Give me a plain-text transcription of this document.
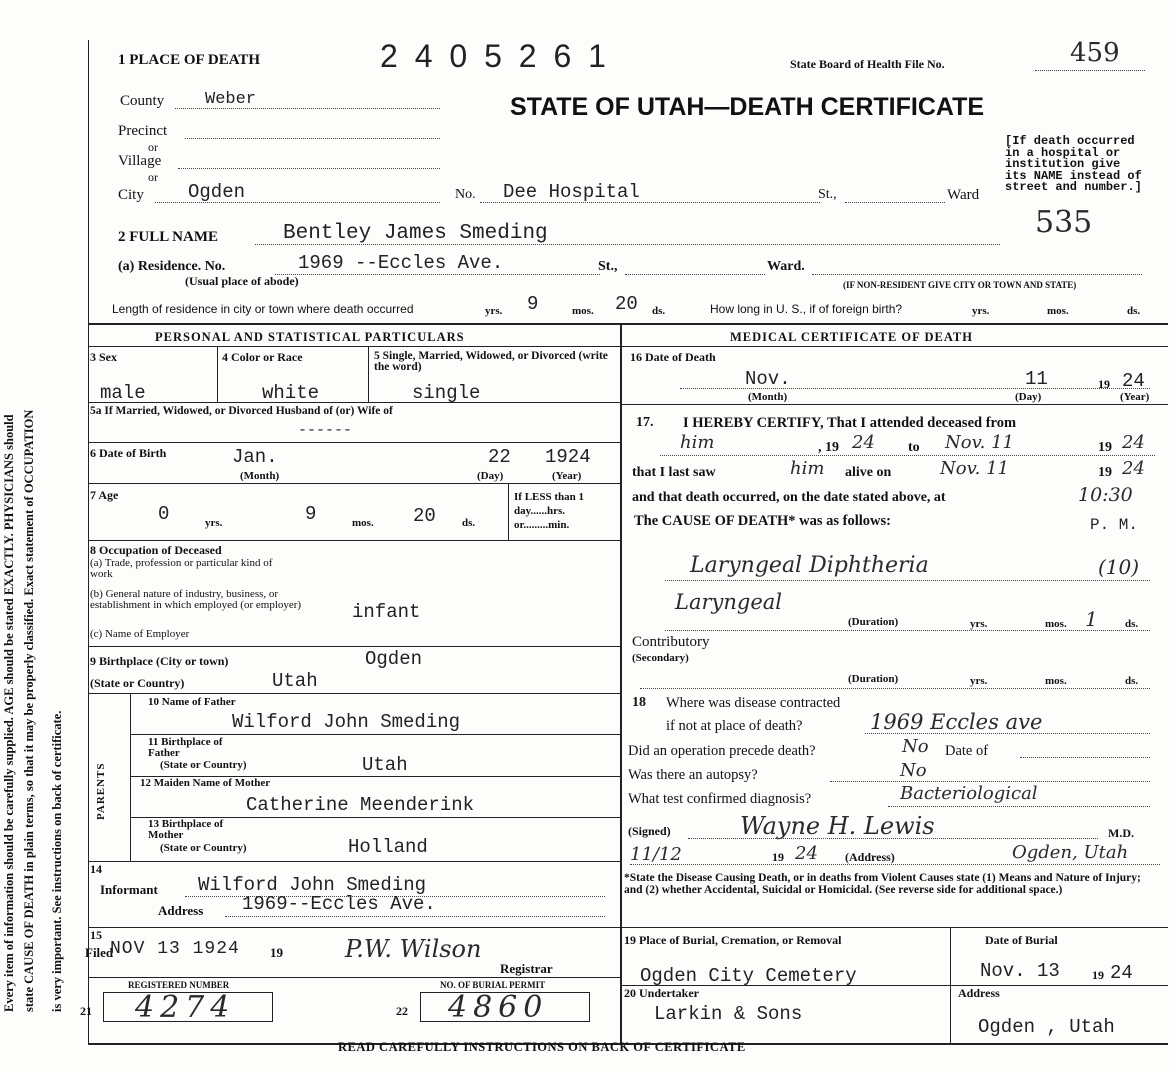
Every item of information should be carefully supplied. AGE should be stated EXACTLY. PHYSICIANS should state CAUSE OF DEATH in plain terms, so that it may be properly classified. Exact statement of OCCUPATION is very important. See instructions on back of certificate.
1 PLACE OF DEATH	2 4 0 5 2 6 1	State Board of Health File No.	459
STATE OF UTAH—DEATH CERTIFICATE
County Weber
Precinct
or
Village
or
City Ogden	No. Dee Hospital	St.,	Ward
[If death occurred in a hospital or institution give its NAME instead of street and number.]
535
2 FULL NAME	Bentley James Smeding
(a) Residence. No.	1969 --Eccles Ave.	St.,	Ward.
(Usual place of abode)	(IF NON-RESIDENT GIVE CITY OR TOWN AND STATE)
Length of residence in city or town where death occurred	yrs. 9	mos. 20 ds.	How long in U. S., if of foreign birth?	yrs.	mos.	ds.
PERSONAL AND STATISTICAL PARTICULARS	MEDICAL CERTIFICATE OF DEATH
3 Sex	4 Color or Race	5 Single, Married, Widowed, or Divorced (write the word)
male	white	single
5a If Married, Widowed, or Divorced Husband of (or) Wife of
------
6 Date of Birth	Jan.	22 1924
(Month)	(Day)	(Year)
7 Age
0	yrs.	9	mos. 20 ds.
If LESS than 1 day......hrs. or.........min.
8 Occupation of Deceased
(a) Trade, profession or particular kind of work
(b) General nature of industry, business, or establishment in which employed (or employer)	infant
(c) Name of Employer
9 Birthplace (City or town)	Ogden
(State or Country)	Utah
PARENTS
10 Name of Father
Wilford John Smeding
11 Birthplace of Father
(State or Country)	Utah
12 Maiden Name of Mother
Catherine Meenderink
13 Birthplace of Mother
(State or Country)	Holland
14
Informant Wilford John Smeding
Address 1969--Eccles Ave.
15
Filed
NOV 13 1924 19	P.W. Wilson
Registrar
21
REGISTERED NUMBER
4274	22
NO. OF BURIAL PERMIT
4860
16 Date of Death
Nov.	11	19 24
(Month)	(Day)	(Year)
17. I HEREBY CERTIFY, That I attended deceased from
him	, 19 24 to Nov. 11	19 24
that I last saw	him alive on	Nov. 11	19 24
and that death occurred, on the date stated above, at	10:30
The CAUSE OF DEATH* was as follows:	P. M.
Laryngeal Diphtheria	(10)
Laryngeal
(Duration)	yrs.	mos. 1 ds.
Contributory
(Secondary)
(Duration)	yrs.	mos.	ds.
18 Where was disease contracted
if not at place of death?	1969 Eccles ave
Did an operation precede death?	No Date of
Was there an autopsy?	No
What test confirmed diagnosis?	Bacteriological
(Signed)	Wayne H. Lewis	M.D.
11/12	19 24 (Address)	Ogden, Utah
*State the Disease Causing Death, or in deaths from Violent Causes state (1) Means and Nature of Injury; and (2) whether Accidental, Suicidal or Homicidal. (See reverse side for additional space.)
19 Place of Burial, Cremation, or Removal
Ogden City Cemetery
Date of Burial
Nov. 13	19 24
Address
20 Undertaker
Larkin & Sons
Ogden , Utah
READ CAREFULLY INSTRUCTIONS ON BACK OF CERTIFICATE
